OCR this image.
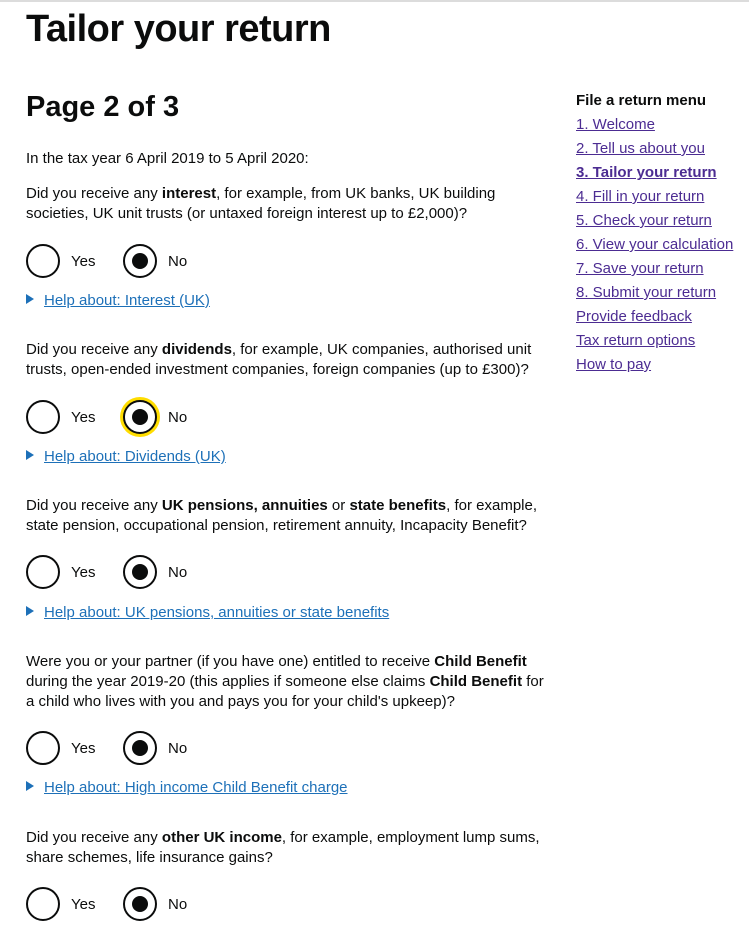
Tailor your return
Page 2 of 3

In the tax year 6 April 2019 to 5 April 2020:

Did you receive any interest, for example, from UK banks, UK building societies, UK unit trusts (or untaxed foreign interest up to £2,000)?

Yes	No
Help about: Interest (UK)

Did you receive any dividends, for example, UK companies, authorised unit trusts, open-ended investment companies, foreign companies (up to £300)?

Yes	No
Help about: Dividends (UK)

Did you receive any UK pensions, annuities or state benefits, for example, state pension, occupational pension, retirement annuity, Incapacity Benefit?

Yes	No
Help about: UK pensions, annuities or state benefits

Were you or your partner (if you have one) entitled to receive Child Benefit during the year 2019-20 (this applies if someone else claims Child Benefit for a child who lives with you and pays you for your child's upkeep)?

Yes	No
Help about: High income Child Benefit charge

Did you receive any other UK income, for example, employment lump sums, share schemes, life insurance gains?

Yes	No
File a return menu
1. Welcome
2. Tell us about you
3. Tailor your return
4. Fill in your return
5. Check your return
6. View your calculation
7. Save your return
8. Submit your return
Provide feedback
Tax return options
How to pay
